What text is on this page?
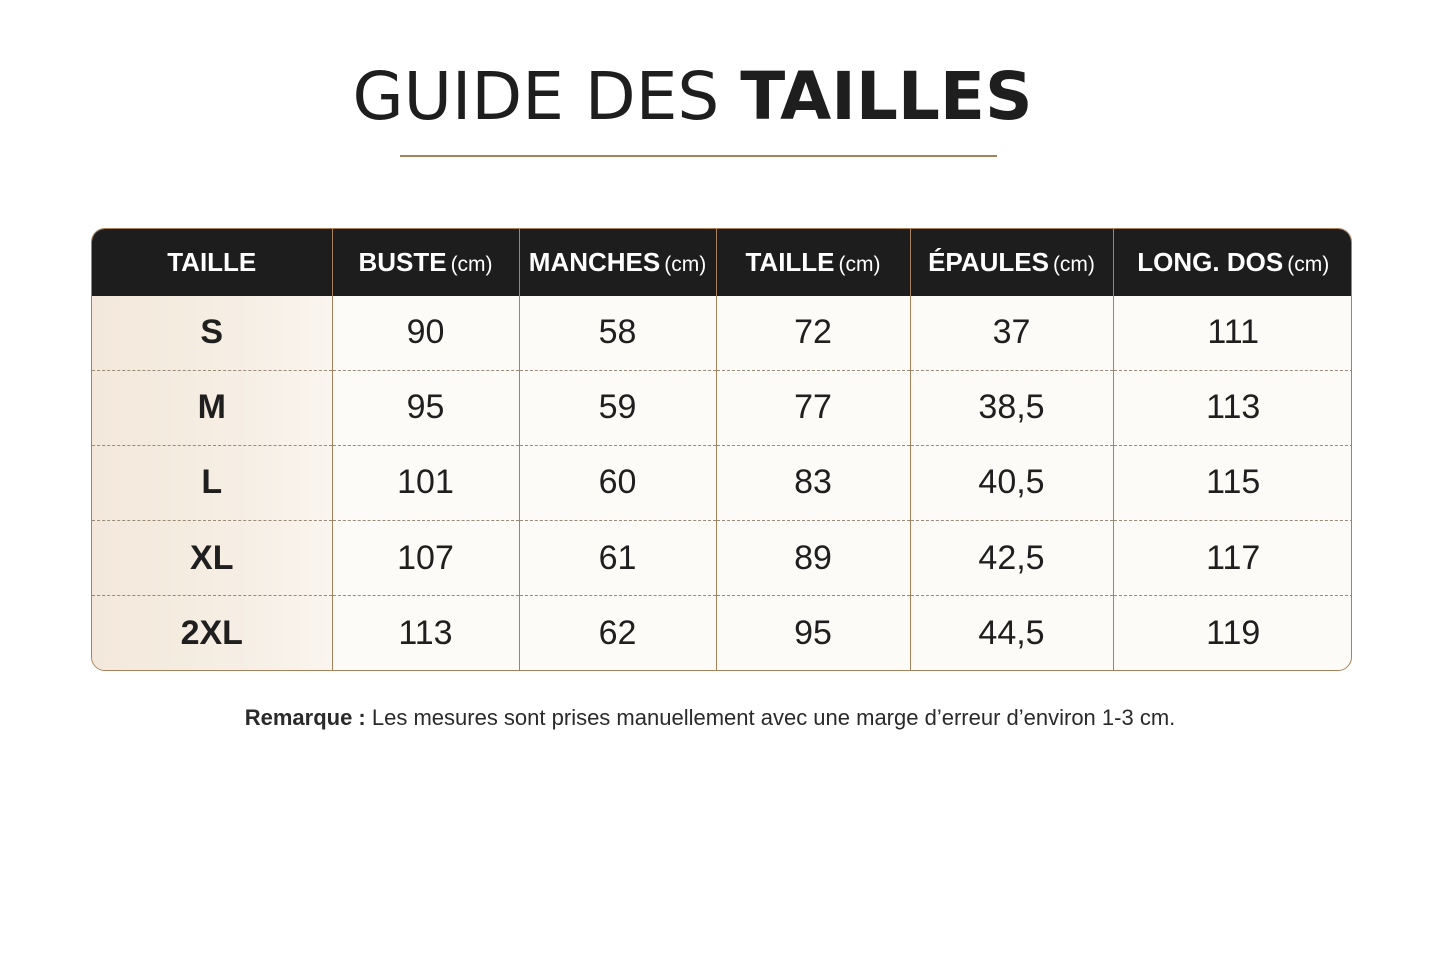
GUIDE DES TAILLES
TAILLE	BUSTE (cm)	MANCHES (cm)	TAILLE (cm)	ÉPAULES (cm)	LONG. DOS (cm)
S	90	58	72	37	111
M	95	59	77	38,5	113
L	101	60	83	40,5	115
XL	107	61	89	42,5	117
2XL	113	62	95	44,5	119
Remarque : Les mesures sont prises manuellement avec une marge d’erreur d’environ 1-3 cm.
